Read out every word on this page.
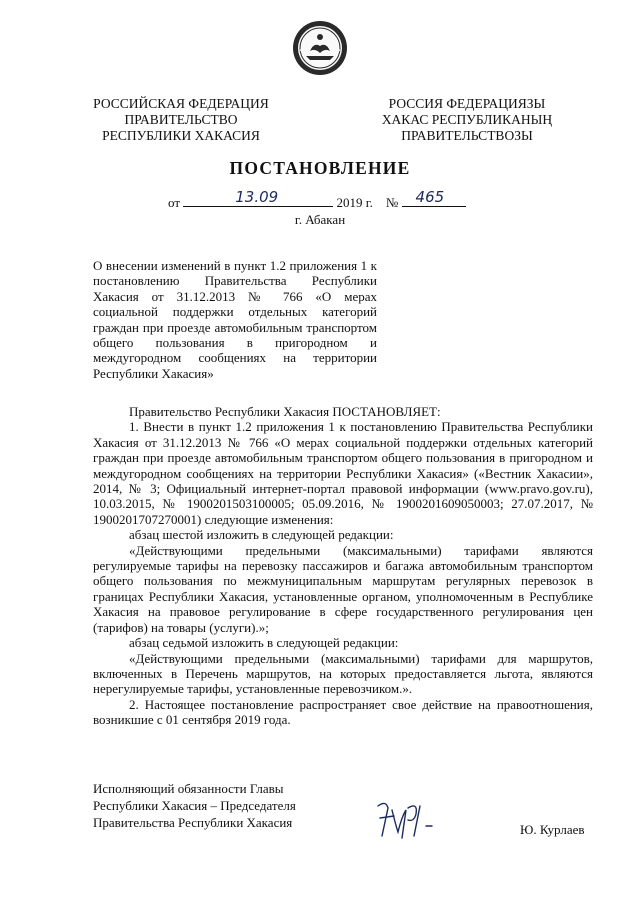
РОССИЙСКАЯ ФЕДЕРАЦИЯ
ПРАВИТЕЛЬСТВО
РЕСПУБЛИКИ ХАКАСИЯ
РОССИЯ ФЕДЕРАЦИЯЗЫ
ХАКАС РЕСПУБЛИКАНЫҢ
ПРАВИТЕЛЬСТВОЗЫ
ПОСТАНОВЛЕНИЕ
от	13.09	2019 г. № 465
г. Абакан
О внесении изменений в пункт 1.2 приложения 1 к постановлению Правительства Республики Хакасия от 31.12.2013 № 766 «О мерах социальной поддержки отдельных категорий граждан при проезде автомобильным транспортом общего пользования в пригородном и междугородном сообщениях на территории Республики Хакасия»

Правительство Республики Хакасия ПОСТАНОВЛЯЕТ:

1. Внести в пункт 1.2 приложения 1 к постановлению Правительства Республики Хакасия от 31.12.2013 № 766 «О мерах социальной поддержки отдельных категорий граждан при проезде автомобильным транспортом общего пользования в пригородном и междугородном сообщениях на территории Республики Хакасия» («Вестник Хакасии», 2014, № 3; Официальный интернет-портал правовой информации (www.pravo.gov.ru), 10.03.2015, № 1900201503100005; 05.09.2016, № 1900201609050003; 27.07.2017, № 1900201707270001) следующие изменения:

абзац шестой изложить в следующей редакции:

«Действующими предельными (максимальными) тарифами являются регулируемые тарифы на перевозку пассажиров и багажа автомобильным транспортом общего пользования по межмуниципальным маршрутам регулярных перевозок в границах Республики Хакасия, установленные органом, уполномоченным в Республике Хакасия на правовое регулирование в сфере государственного регулирования цен (тарифов) на товары (услуги).»;

абзац седьмой изложить в следующей редакции:

«Действующими предельными (максимальными) тарифами для маршрутов, включенных в Перечень маршрутов, на которых предоставляется льгота, являются нерегулируемые тарифы, установленные перевозчиком.».

2. Настоящее постановление распространяет свое действие на правоотношения, возникшие с 01 сентября 2019 года.

Исполняющий обязанности Главы
Республики Хакасия – Председателя
Правительства Республики Хакасия	Ю. Курлаев
